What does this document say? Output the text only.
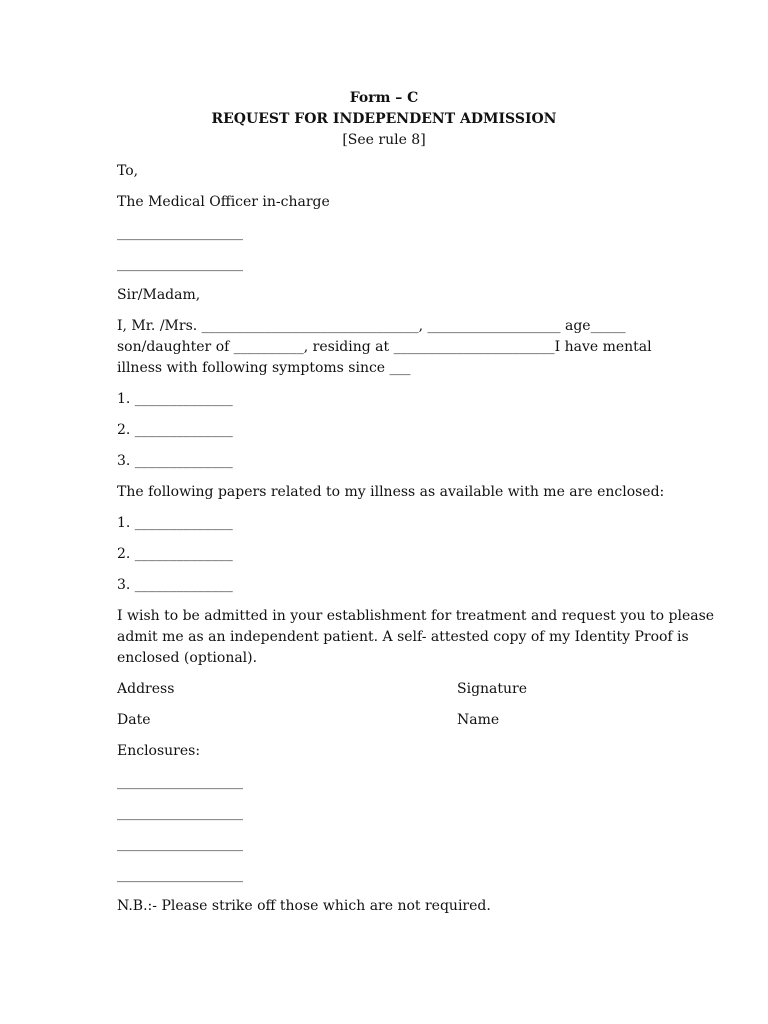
Form – C
REQUEST FOR INDEPENDENT ADMISSION
[See rule 8]
To,
The Medical Officer in-charge
__________________
__________________
Sir/Madam,
I, Mr. /Mrs. _______________________________, ___________________ age_____
son/daughter of __________, residing at _______________________I have mental
illness with following symptoms since ___
1. ______________
2. ______________
3. ______________
The following papers related to my illness as available with me are enclosed:
1. ______________
2. ______________
3. ______________
I wish to be admitted in your establishment for treatment and request you to please
admit me as an independent patient. A self- attested copy of my Identity Proof is
enclosed (optional).
Address	Signature
Date	Name
Enclosures:
__________________
__________________
__________________
__________________
N.B.:- Please strike off those which are not required.
